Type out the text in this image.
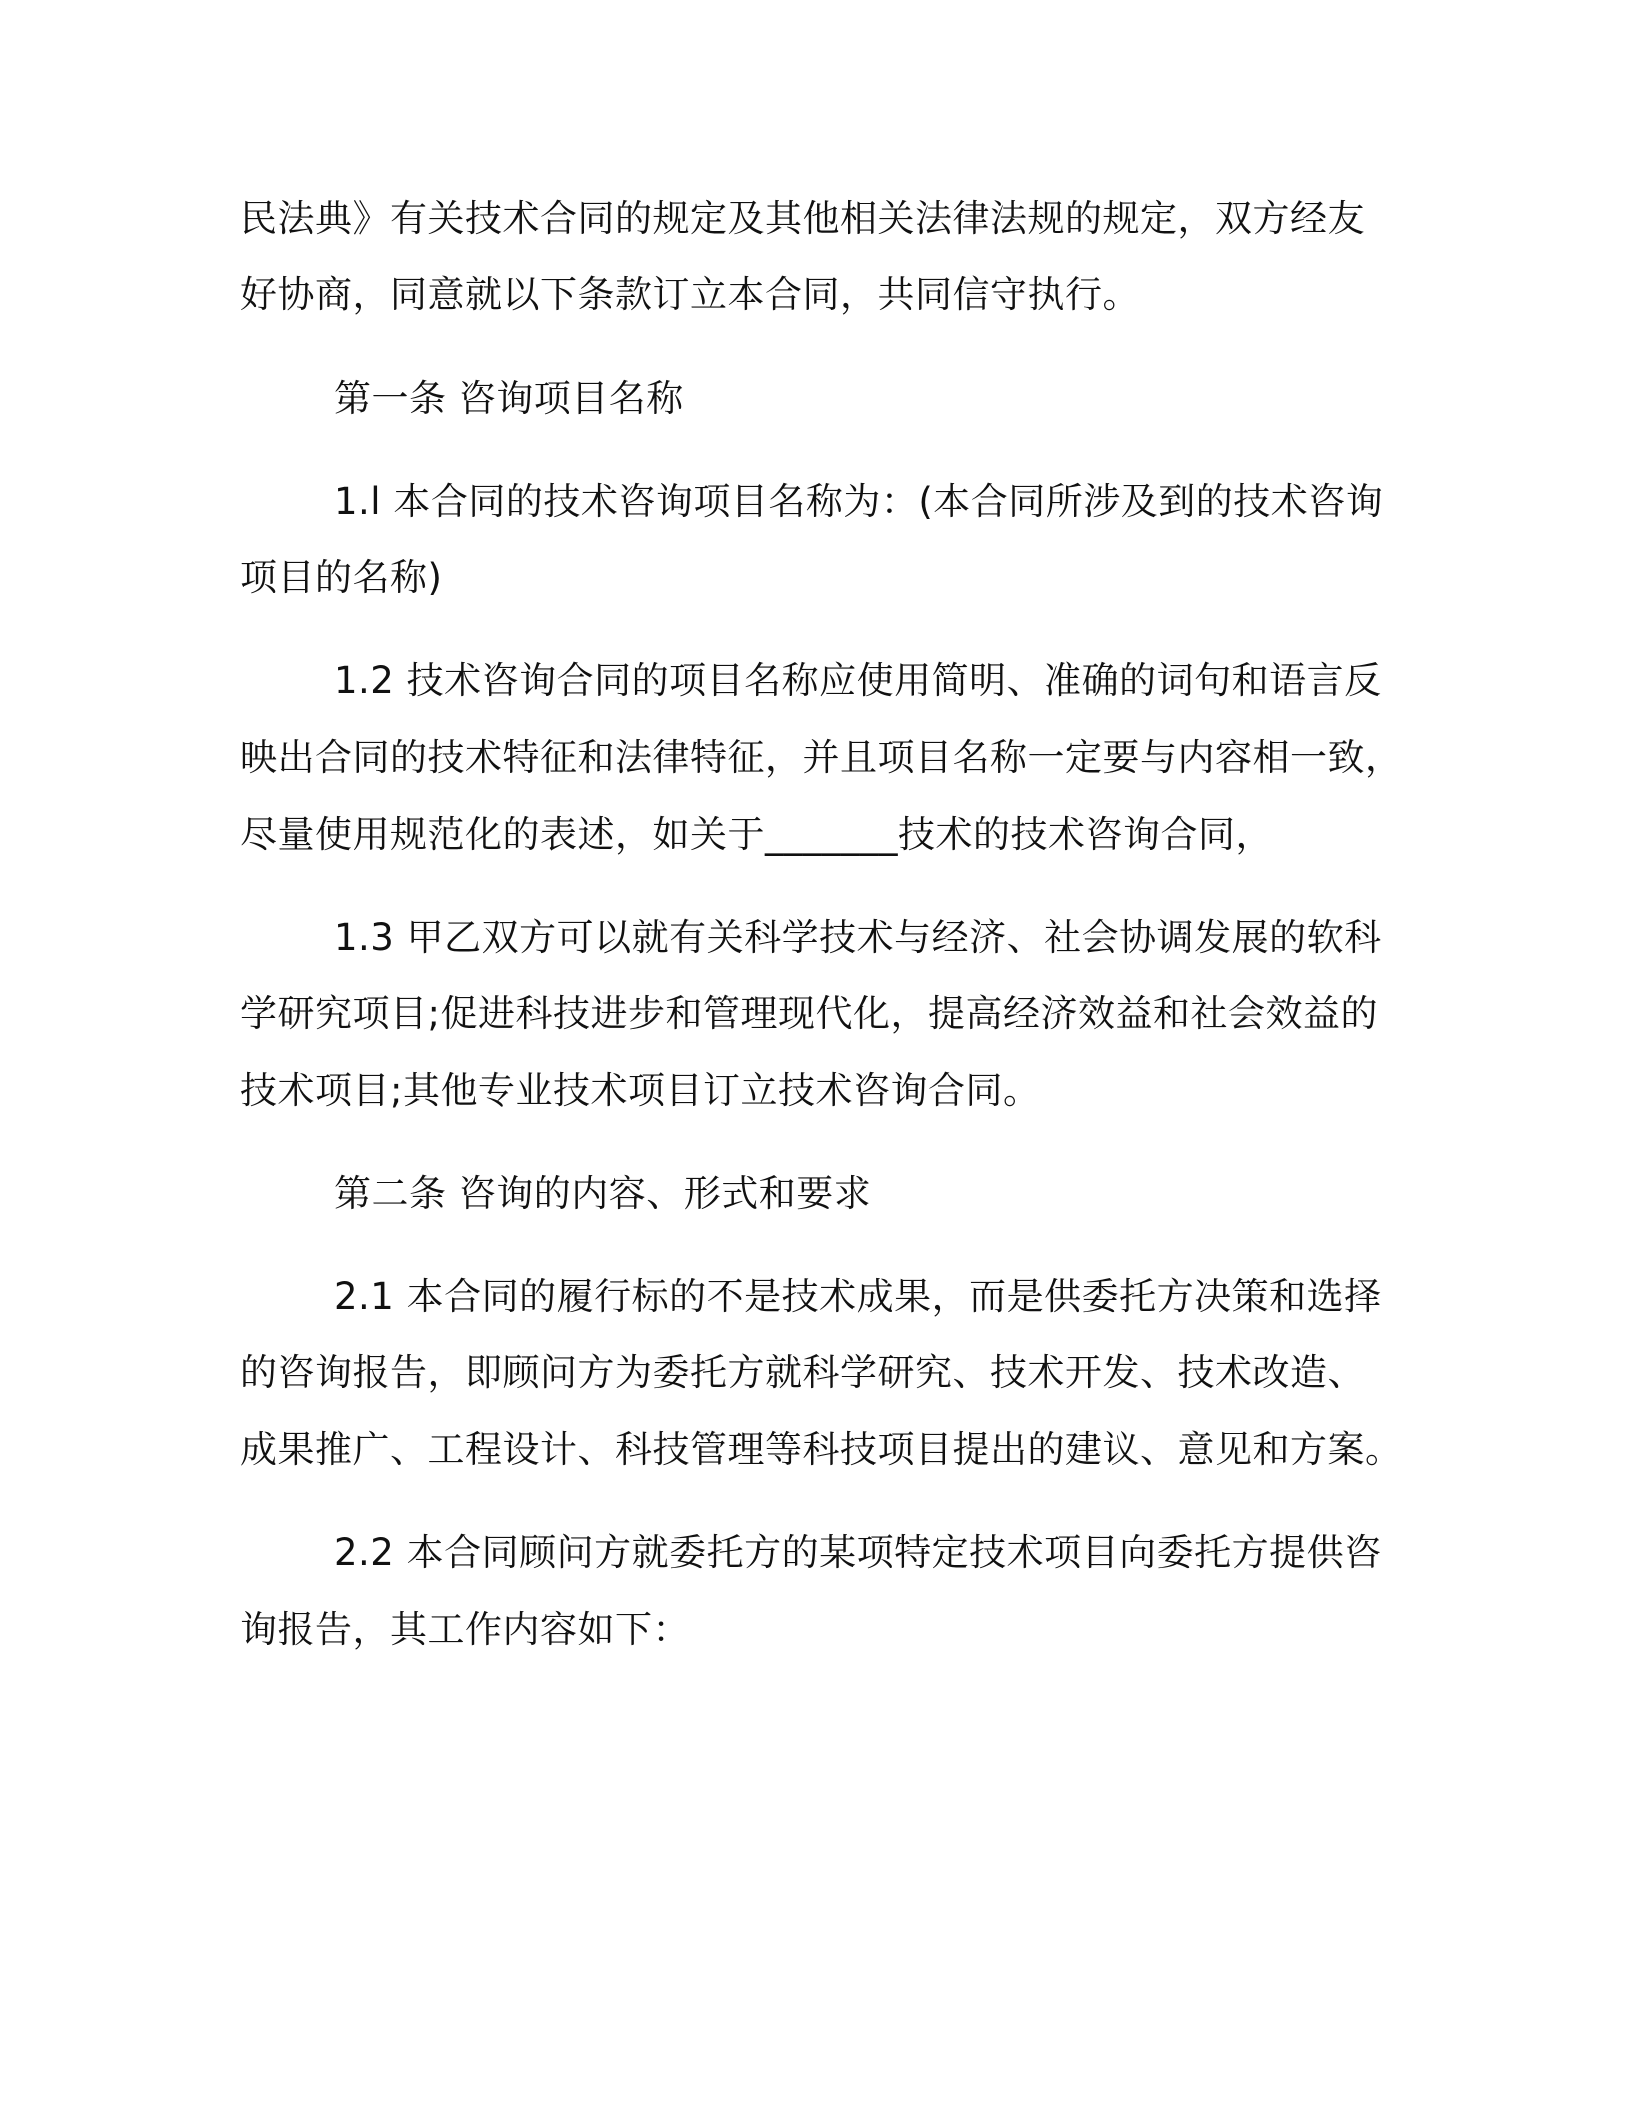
民法典》有关技术合同的规定及其他相关法律法规的规定，双方经友
好协商，同意就以下条款订立本合同，共同信守执行。
第一条 咨询项目名称
1.l 本合同的技术咨询项目名称为：(本合同所涉及到的技术咨询
项目的名称)
1.2 技术咨询合同的项目名称应使用简明、准确的词句和语言反
映出合同的技术特征和法律特征，并且项目名称一定要与内容相一致，
尽量使用规范化的表述，如关于_______技术的技术咨询合同，
1.3 甲乙双方可以就有关科学技术与经济、社会协调发展的软科
学研究项目;促进科技进步和管理现代化，提高经济效益和社会效益的
技术项目;其他专业技术项目订立技术咨询合同。
第二条 咨询的内容、形式和要求
2.1 本合同的履行标的不是技术成果，而是供委托方决策和选择
的咨询报告，即顾问方为委托方就科学研究、技术开发、技术改造、
成果推广、工程设计、科技管理等科技项目提出的建议、意见和方案。
2.2 本合同顾问方就委托方的某项特定技术项目向委托方提供咨
询报告，其工作内容如下：
